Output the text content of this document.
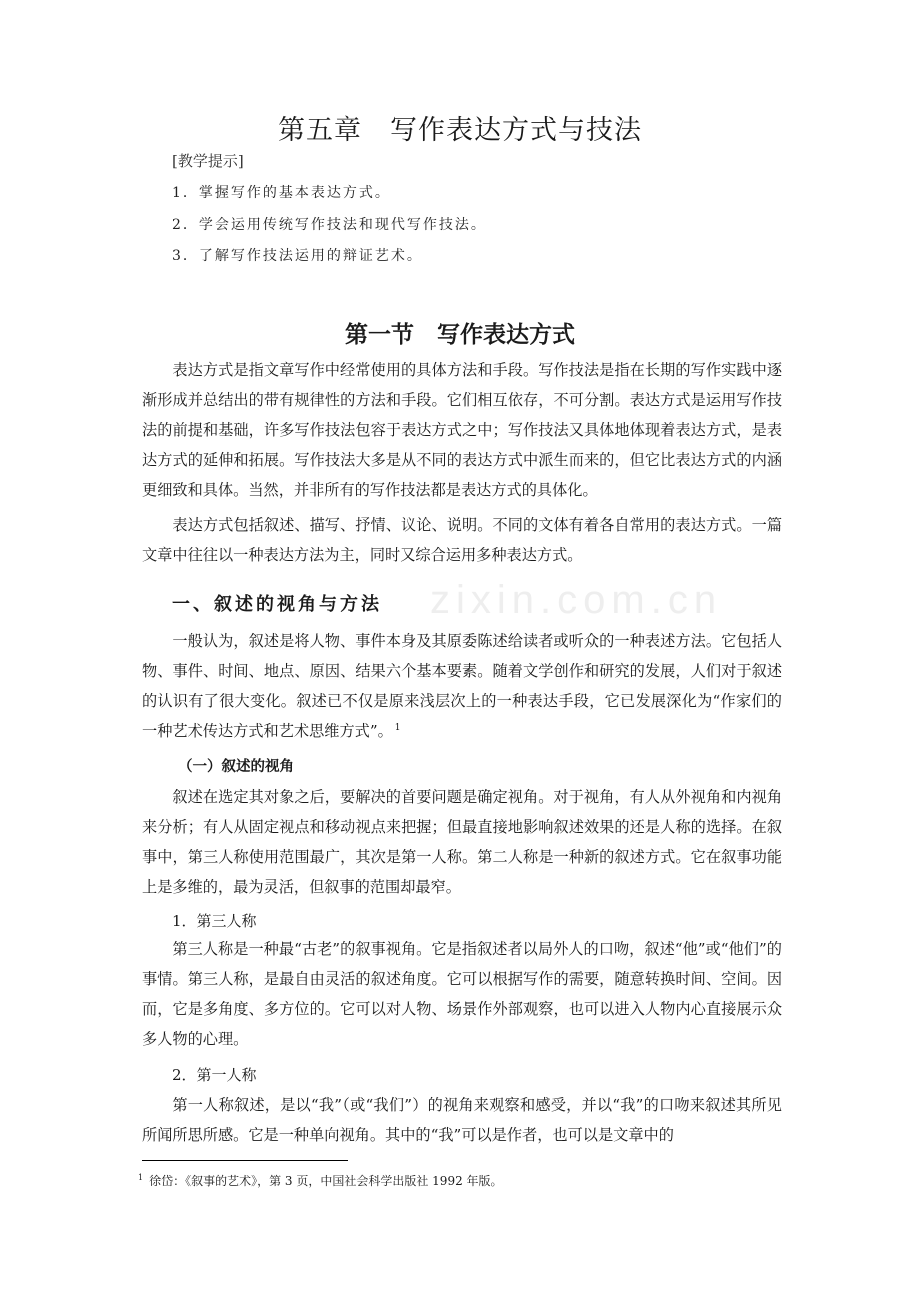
zixin.com.cn
第五章　写作表达方式与技法
[教学提示]
1．掌握写作的基本表达方式。
2．学会运用传统写作技法和现代写作技法。
3．了解写作技法运用的辩证艺术。
第一节　写作表达方式

表达方式是指文章写作中经常使用的具体方法和手段。写作技法是指在长期的写作实践中逐渐形成并总结出的带有规律性的方法和手段。它们相互依存，不可分割。表达方式是运用写作技法的前提和基础，许多写作技法包容于表达方式之中；写作技法又具体地体现着表达方式，是表达方式的延伸和拓展。写作技法大多是从不同的表达方式中派生而来的，但它比表达方式的内涵更细致和具体。当然，并非所有的写作技法都是表达方式的具体化。

表达方式包括叙述、描写、抒情、议论、说明。不同的文体有着各自常用的表达方式。一篇文章中往往以一种表达方法为主，同时又综合运用多种表达方式。

一、叙述的视角与方法

一般认为，叙述是将人物、事件本身及其原委陈述给读者或听众的一种表述方法。它包括人物、事件、时间、地点、原因、结果六个基本要素。随着文学创作和研究的发展，人们对于叙述的认识有了很大变化。叙述已不仅是原来浅层次上的一种表达手段，它已发展深化为“作家们的一种艺术传达方式和艺术思维方式”。 $^1$

（一）叙述的视角

叙述在选定其对象之后，要解决的首要问题是确定视角。对于视角，有人从外视角和内视角来分析；有人从固定视点和移动视点来把握；但最直接地影响叙述效果的还是人称的选择。在叙事中，第三人称使用范围最广，其次是第一人称。第二人称是一种新的叙述方式。它在叙事功能上是多维的，最为灵活，但叙事的范围却最窄。

1．第三人称

第三人称是一种最“古老”的叙事视角。它是指叙述者以局外人的口吻，叙述“他”或“他们”的事情。第三人称，是最自由灵活的叙述角度。它可以根据写作的需要，随意转换时间、空间。因而，它是多角度、多方位的。它可以对人物、场景作外部观察，也可以进入人物内心直接展示众多人物的心理。

2．第一人称

第一人称叙述，是以“我”（或“我们”）的视角来观察和感受，并以“我”的口吻来叙述其所见所闻所思所感。它是一种单向视角。其中的“我”可以是作者，也可以是文章中的

$^1$ 徐岱：《叙事的艺术》，第 3 页，中国社会科学出版社 1992 年版。
